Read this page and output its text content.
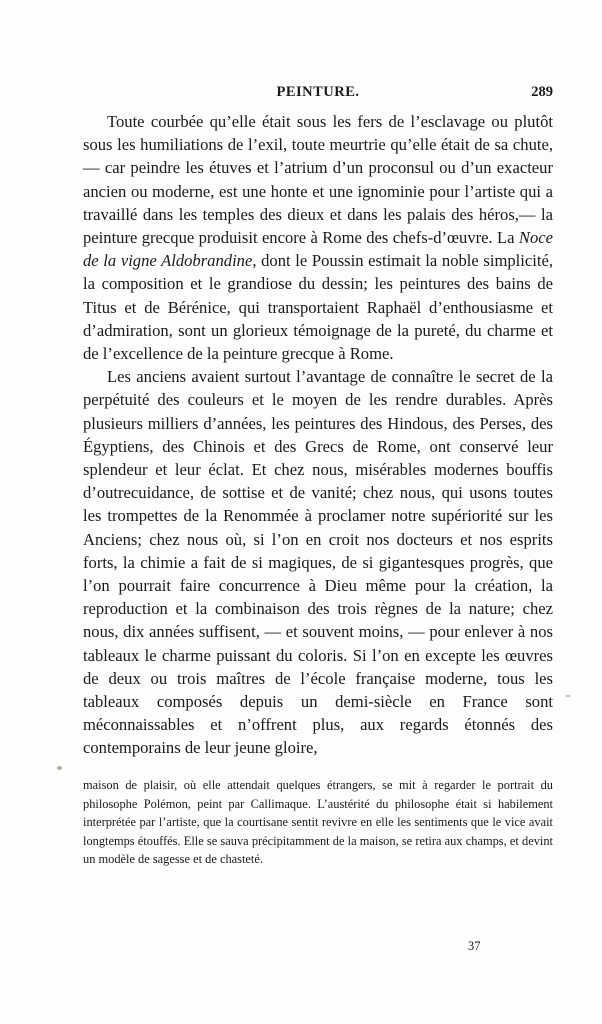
PEINTURE.	289

Toute courbée qu’elle était sous les fers de l’esclavage ou plutôt sous les humiliations de l’exil, toute meurtrie qu’elle était de sa chute, — car peindre les étuves et l’atrium d’un proconsul ou d’un exacteur ancien ou moderne, est une honte et une ignominie pour l’artiste qui a travaillé dans les temples des dieux et dans les palais des héros,— la peinture grecque produisit encore à Rome des chefs-d’œuvre. La Noce de la vigne Aldobrandine, dont le Poussin estimait la noble simplicité, la composition et le grandiose du dessin; les peintures des bains de Titus et de Bérénice, qui transportaient Raphaël d’enthousiasme et d’admiration, sont un glorieux témoignage de la pureté, du charme et de l’excellence de la peinture grecque à Rome.

Les anciens avaient surtout l’avantage de connaître le secret de la perpétuité des couleurs et le moyen de les rendre durables. Après plusieurs milliers d’années, les peintures des Hindous, des Perses, des Égyptiens, des Chinois et des Grecs de Rome, ont conservé leur splendeur et leur éclat. Et chez nous, misérables modernes bouffis d’outrecuidance, de sottise et de vanité; chez nous, qui usons toutes les trompettes de la Renommée à proclamer notre supériorité sur les Anciens; chez nous où, si l’on en croit nos docteurs et nos esprits forts, la chimie a fait de si magiques, de si gigantesques progrès, que l’on pourrait faire concurrence à Dieu même pour la création, la reproduction et la combinaison des trois règnes de la nature; chez nous, dix années suffisent, — et souvent moins, — pour enlever à nos tableaux le charme puissant du coloris. Si l’on en excepte les œuvres de deux ou trois maîtres de l’école française moderne, tous les tableaux composés depuis un demi-siècle en France sont méconnaissables et n’offrent plus, aux regards étonnés des contemporains de leur jeune gloire,

maison de plaisir, où elle attendait quelques étrangers, se mit à regarder le portrait du philosophe Polémon, peint par Callimaque. L’austérité du philosophe était si habilement interprétée par l’artiste, que la courtisane sentit revivre en elle les sentiments que le vice avait longtemps étouffés. Elle se sauva précipitamment de la maison, se retira aux champs, et devint un modèle de sagesse et de chasteté.

37
